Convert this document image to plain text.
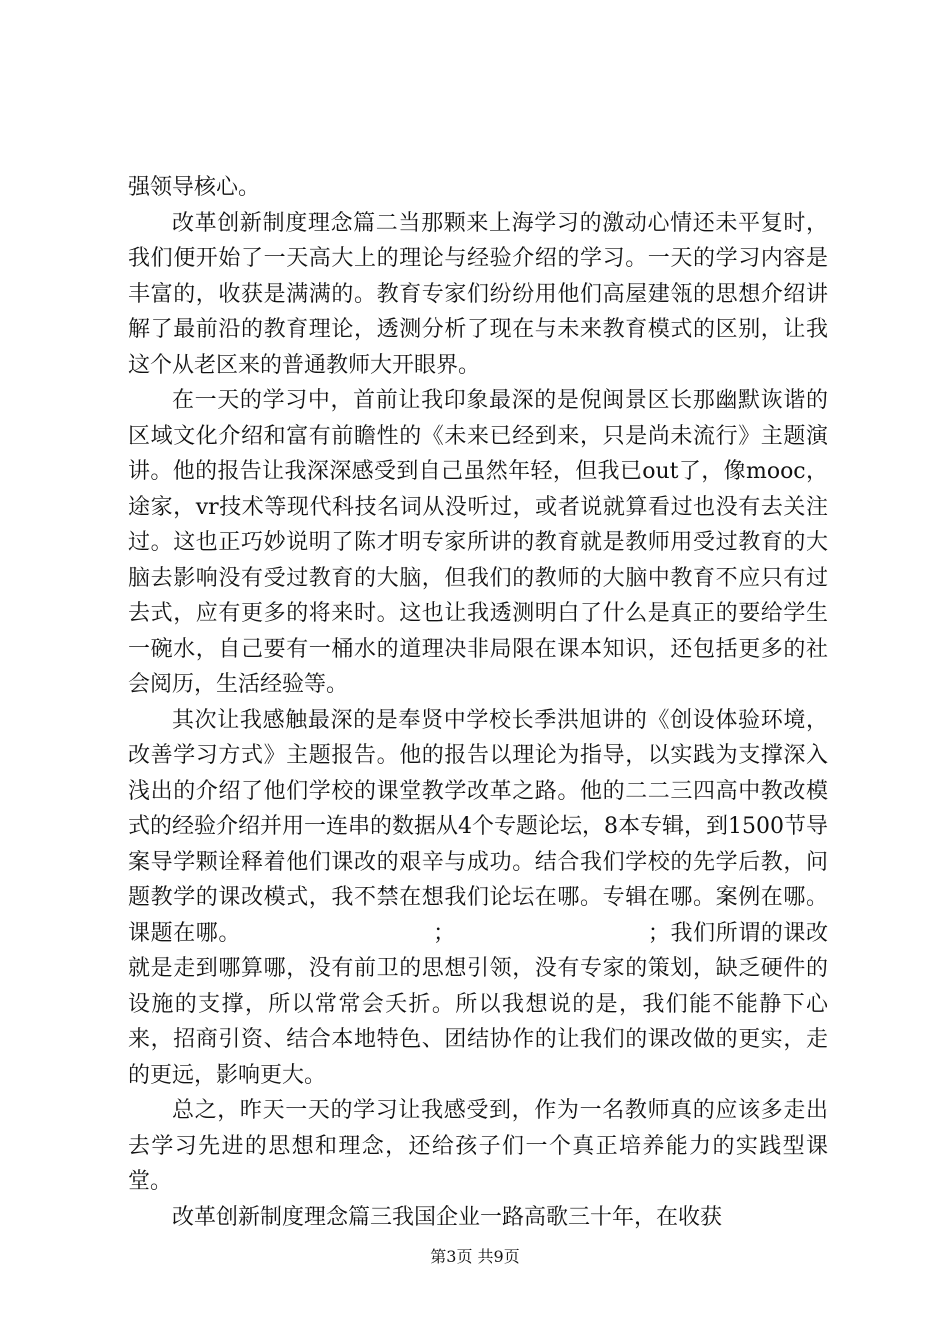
强领导核心。

改革创新制度理念篇二当那颗来上海学习的激动心情还未平复时，我们便开始了一天高大上的理论与经验介绍的学习。一天的学习内容是丰富的，收获是满满的。教育专家们纷纷用他们高屋建瓴的思想介绍讲解了最前沿的教育理论，透测分析了现在与未来教育模式的区别，让我这个从老区来的普通教师大开眼界。

在一天的学习中，首前让我印象最深的是倪闽景区长那幽默诙谐的区域文化介绍和富有前瞻性的《未来已经到来，只是尚未流行》主题演讲。他的报告让我深深感受到自己虽然年轻，但我已out了，像mooc，途家，vr技术等现代科技名词从没听过，或者说就算看过也没有去关注过。这也正巧妙说明了陈才明专家所讲的教育就是教师用受过教育的大脑去影响没有受过教育的大脑，但我们的教师的大脑中教育不应只有过去式，应有更多的将来时。这也让我透测明白了什么是真正的要给学生一碗水，自己要有一桶水的道理决非局限在课本知识，还包括更多的社会阅历，生活经验等。

其次让我感触最深的是奉贤中学校长季洪旭讲的《创设体验环境，改善学习方式》主题报告。他的报告以理论为指导，以实践为支撑深入浅出的介绍了他们学校的课堂教学改革之路。他的二二三四高中教改模式的经验介绍并用一连串的数据从4个专题论坛，8本专辑，到1500节导案导学颗诠释着他们课改的艰辛与成功。结合我们学校的先学后教，问题教学的课改模式，我不禁在想我们论坛在哪。专辑在哪。案例在哪。课题在哪。　　　　　　　　　；　　　　　　　　　；我们所谓的课改就是走到哪算哪，没有前卫的思想引领，没有专家的策划，缺乏硬件的设施的支撑，所以常常会夭折。所以我想说的是，我们能不能静下心来，招商引资、结合本地特色、团结协作的让我们的课改做的更实，走的更远，影响更大。

总之，昨天一天的学习让我感受到，作为一名教师真的应该多走出去学习先进的思想和理念，还给孩子们一个真正培养能力的实践型课堂。

改革创新制度理念篇三我国企业一路高歌三十年，在收获

第3页 共9页
